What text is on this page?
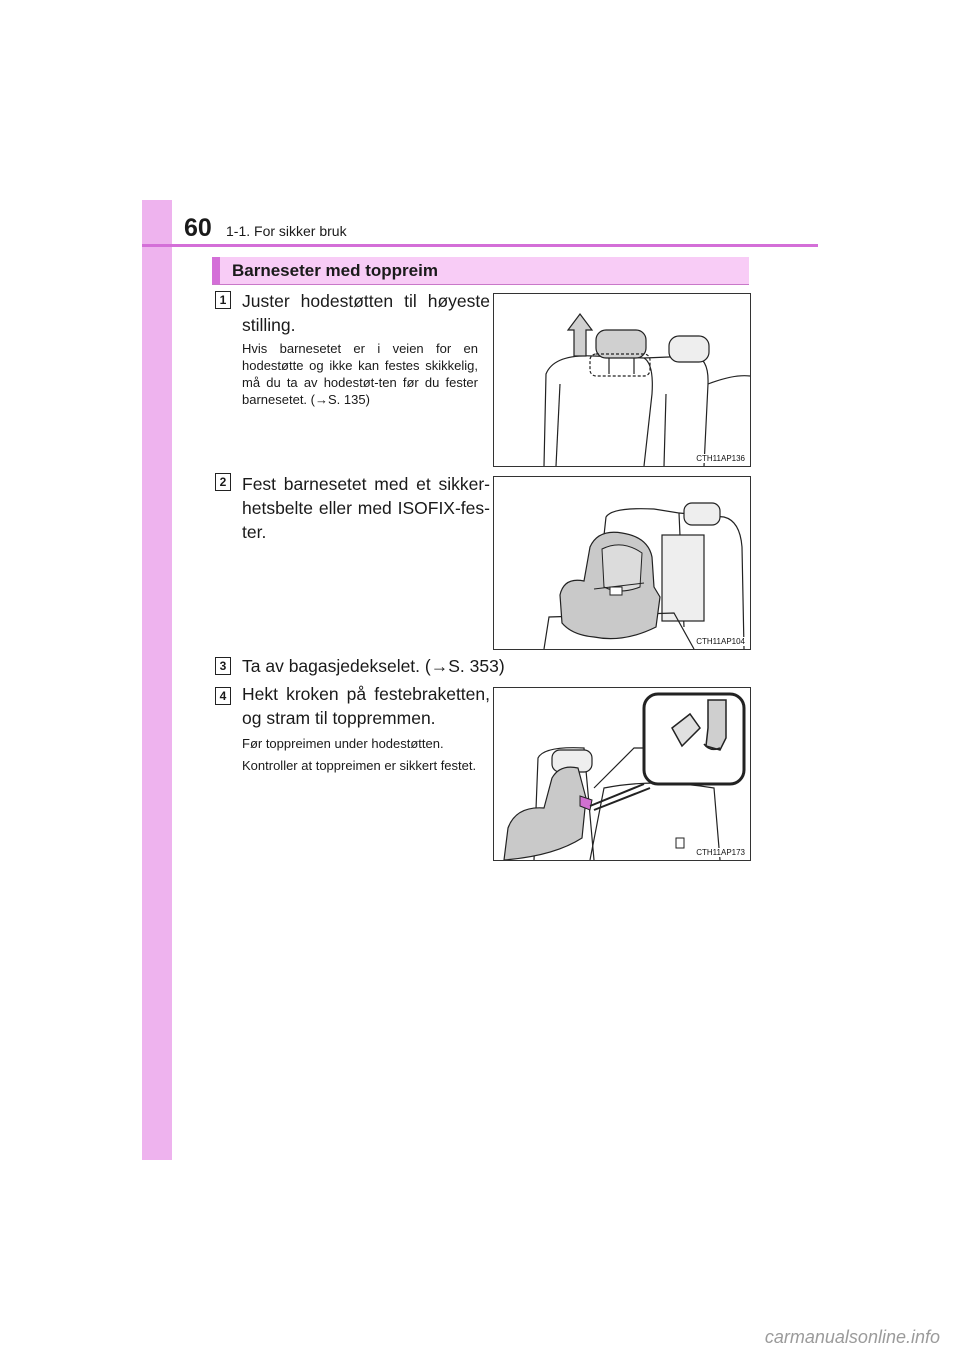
60 1-1. For sikker bruk
Barneseter med toppreim
1 Juster hodestøtten til høyeste stilling.
Hvis barnesetet er i veien for en hodestøtte og ikke kan festes skikkelig, må du ta av hodestøt-ten før du fester barnesetet. (→S. 135)
CTH11AP136
2 Fest barnesetet med et sikker-hetsbelte eller med ISOFIX-fes-ter.
CTH11AP104
3 Ta av bagasjedekselet. (→S. 353)
4 Hekt kroken på festebraketten, og stram til toppremmen.
Før toppreimen under hodestøtten.
Kontroller at toppreimen er sikkert festet.
CTH11AP173
carmanualsonline.info
